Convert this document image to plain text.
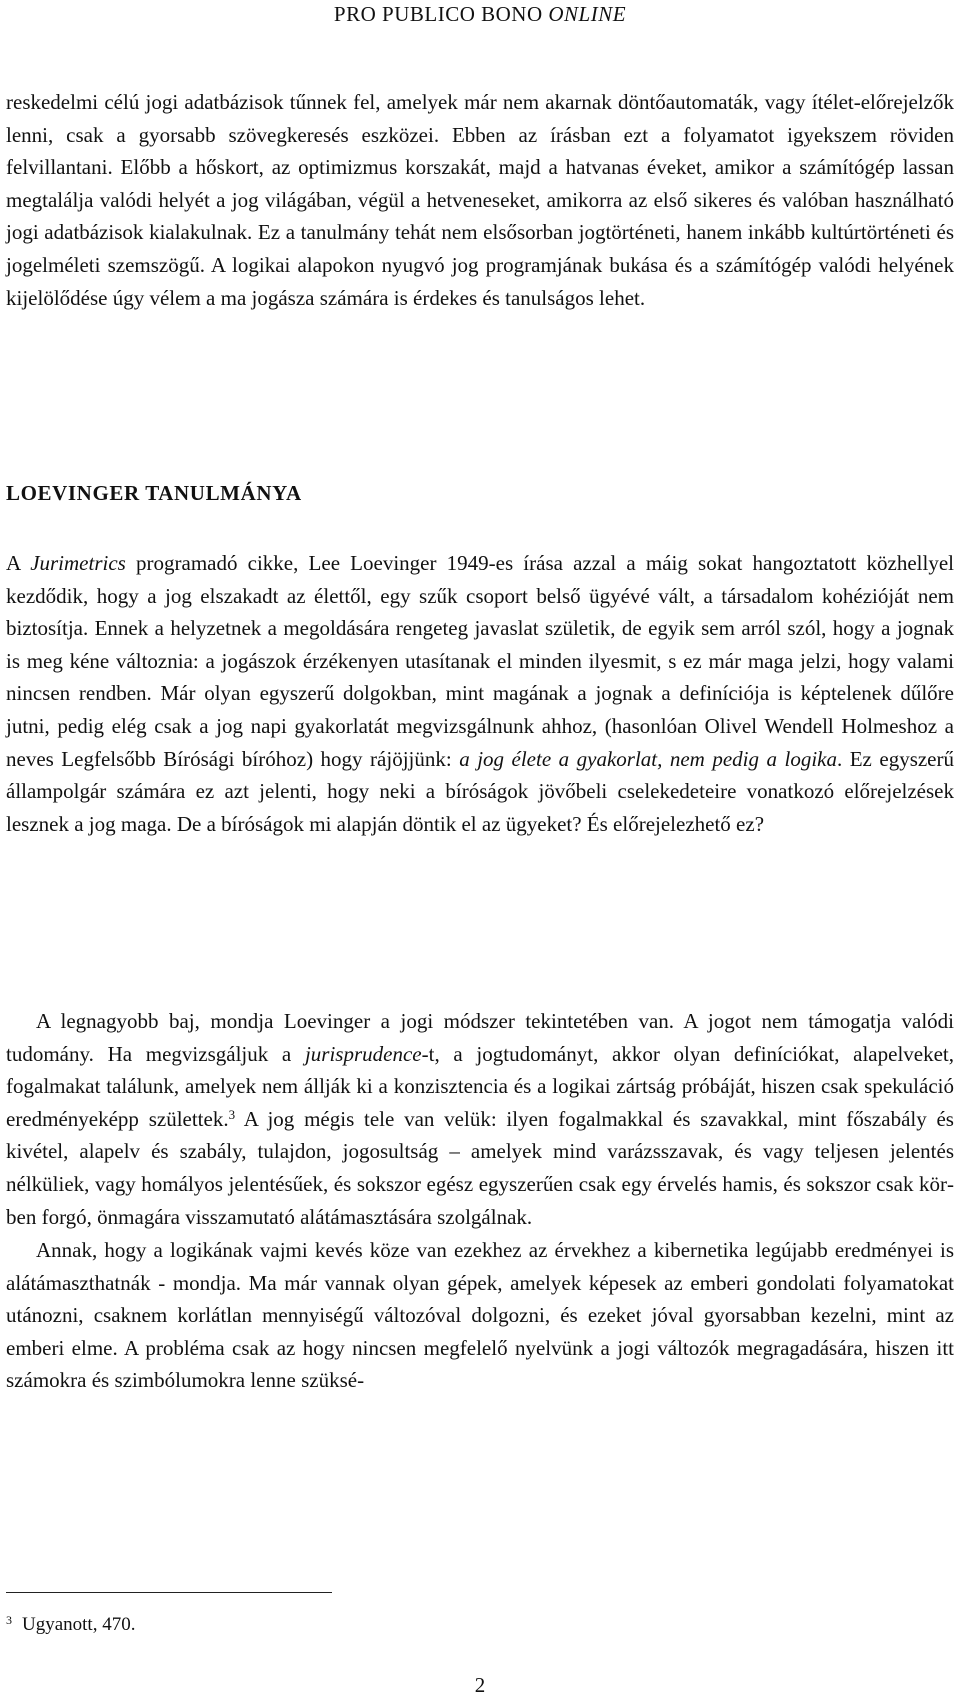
PRO PUBLICO BONO ONLINE

reskedelmi célú jogi adatbázisok tűnnek fel, amelyek már nem akarnak döntőautomaták, vagy ítélet-előrejelzők lenni, csak a gyorsabb szövegkeresés eszközei. Ebben az írásban ezt a folyamatot igyekszem röviden felvillantani. Előbb a hőskort, az optimizmus korszakát, majd a hatvanas éveket, amikor a számítógép lassan megtalálja valódi helyét a jog világában, végül a hetveneseket, amikorra az első sikeres és valóban használható jogi adatbázisok kialakulnak. Ez a tanulmány tehát nem elsősorban jogtörténeti, hanem inkább kultúrtörténeti és jogelméleti szemszögű. A logikai alapokon nyugvó jog programjának bukása és a számítógép valódi helyének kijelölődése úgy vélem a ma jogásza számára is érdekes és tanulságos lehet.

LOEVINGER TANULMÁNYA

A Jurimetrics programadó cikke, Lee Loevinger 1949-es írása azzal a máig sokat hangoztatott közhellyel kezdődik, hogy a jog elszakadt az élettől, egy szűk csoport belső ügyévé vált, a társadalom kohézióját nem biztosítja. Ennek a helyzetnek a megoldására rengeteg javaslat születik, de egyik sem arról szól, hogy a jognak is meg kéne változnia: a jogászok érzékenyen utasítanak el minden ilyesmit, s ez már maga jelzi, hogy valami nincsen rendben. Már olyan egyszerű dolgokban, mint magának a jognak a definíciója is képtelenek dűlőre jutni, pedig elég csak a jog napi gyakorlatát megvizsgálnunk ahhoz, (hasonlóan Olivel Wendell Holmeshoz a neves Legfelsőbb Bírósági bíróhoz) hogy rájöjjünk: a jog élete a gyakorlat, nem pedig a logika. Ez egyszerű állampolgár számára ez azt jelenti, hogy neki a bíróságok jövőbeli cselekedeteire vonatkozó előrejelzések lesznek a jog maga. De a bíróságok mi alapján döntik el az ügyeket? És előrejelezhető ez?

A legnagyobb baj, mondja Loevinger a jogi módszer tekintetében van. A jogot nem támogatja valódi tudomány. Ha megvizsgáljuk a jurisprudence-t, a jogtudományt, akkor olyan definíciókat, alapelveket, fogalmakat találunk, amelyek nem állják ki a konzisztencia és a logikai zártság próbáját, hiszen csak spekuláció eredményeképp születtek.$^3$ A jog mégis tele van velük: ilyen fogalmakkal és szavakkal, mint főszabály és kivétel, alapelv és szabály, tulajdon, jogosultság – amelyek mind varázsszavak, és vagy teljesen jelentés nélküliek, vagy homályos jelentésűek, és sokszor egész egyszerűen csak egy érvelés hamis, és sokszor csak körben forgó, önmagára visszamutató alátámasztására szolgálnak.

Annak, hogy a logikának vajmi kevés köze van ezekhez az érvekhez a kibernetika legújabb eredményei is alátámaszthatnák - mondja. Ma már vannak olyan gépek, amelyek képesek az emberi gondolati folyamatokat utánozni, csaknem korlátlan mennyiségű változóval dolgozni, és ezeket jóval gyorsabban kezelni, mint az emberi elme. A probléma csak az hogy nincsen megfelelő nyelvünk a jogi változók megragadására, hiszen itt számokra és szimbólumokra lenne szüksé-

$^3$ Ugyanott, 470.
2
